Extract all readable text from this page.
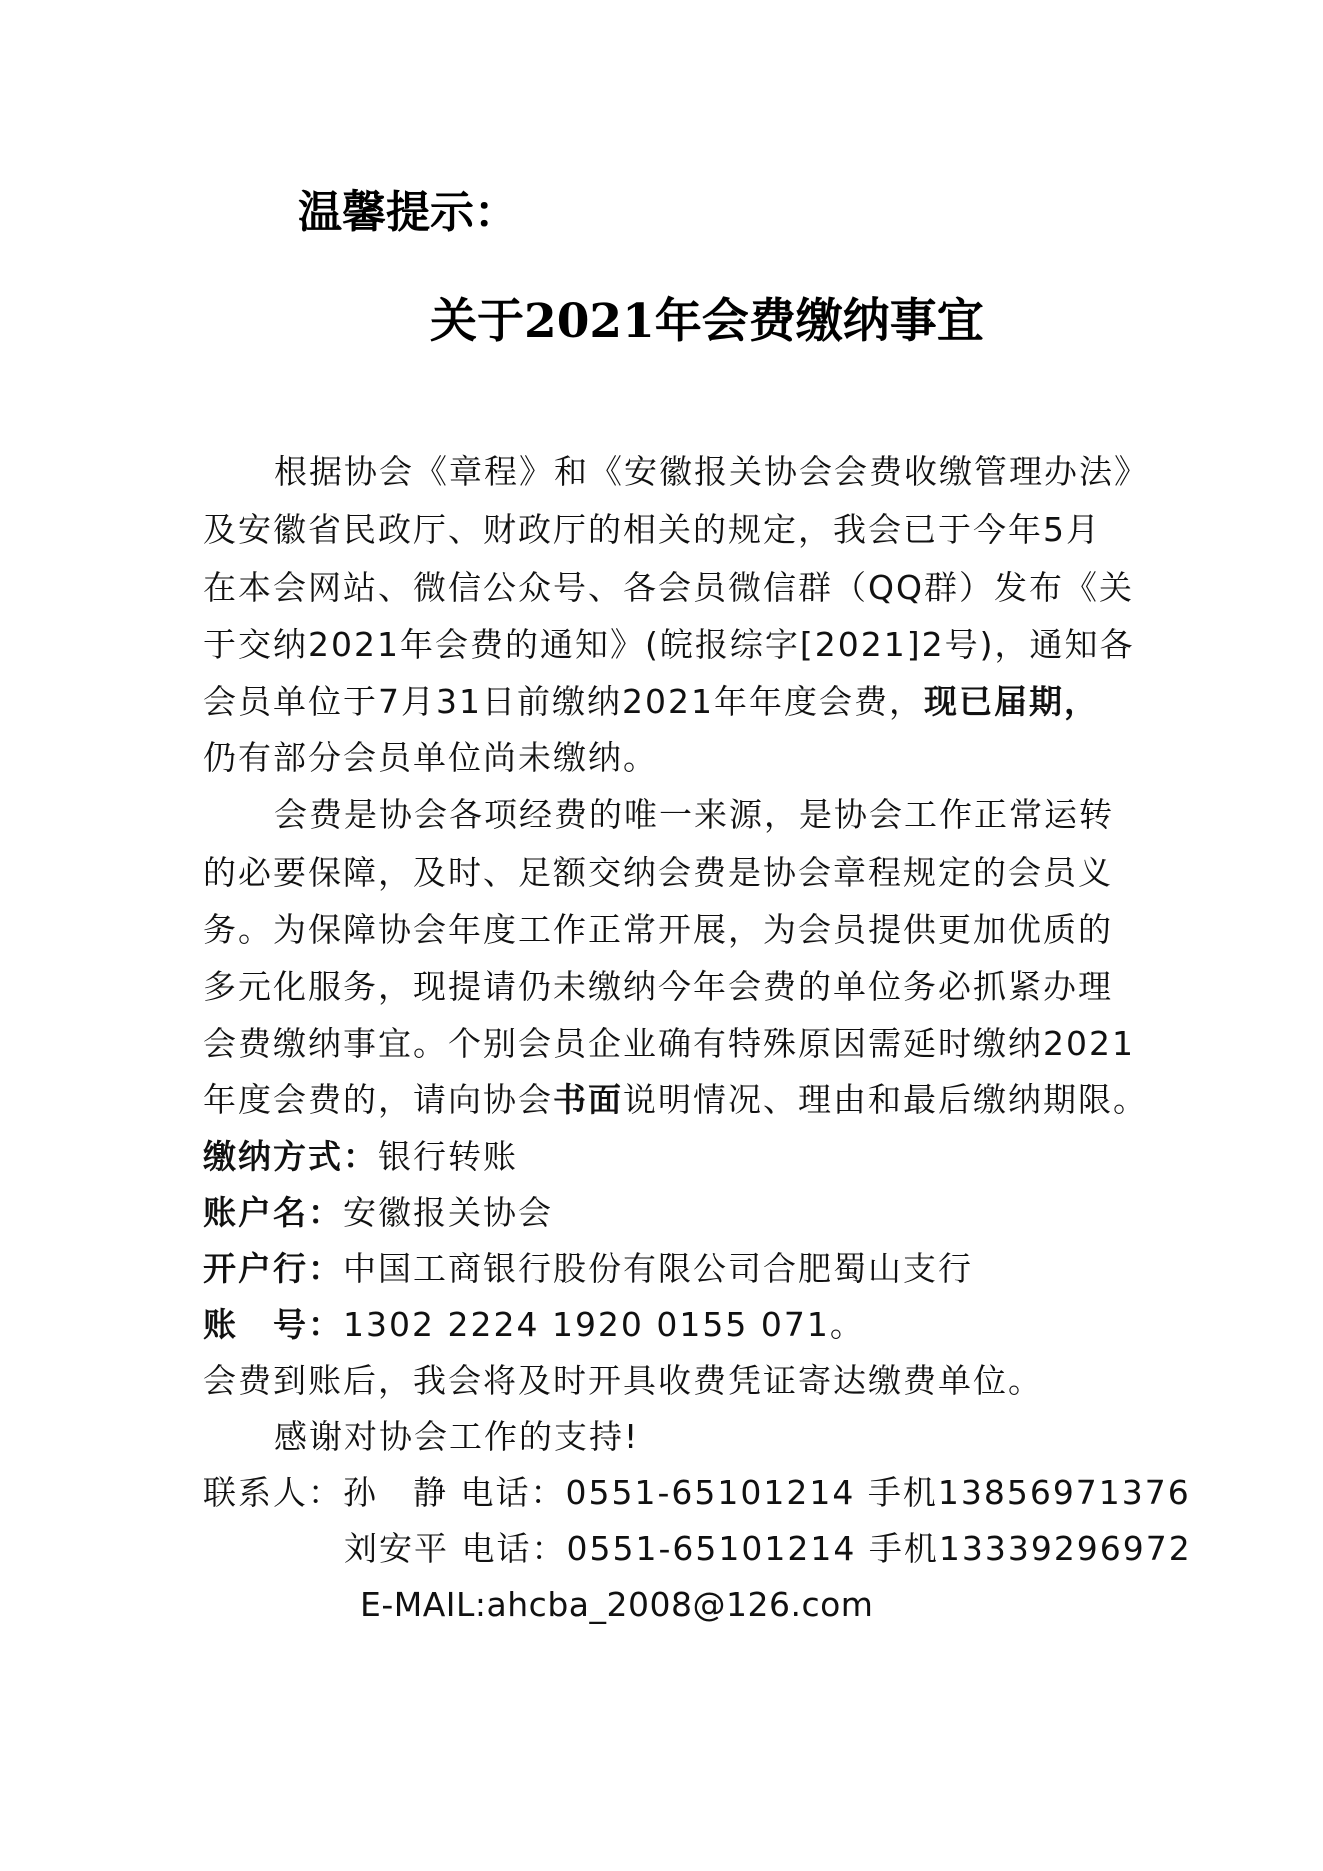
温馨提示：
关于2021年会费缴纳事宜

根据协会《章程》和《安徽报关协会会费收缴管理办法》

及安徽省民政厅、财政厅的相关的规定，我会已于今年5月

在本会网站、微信公众号、各会员微信群（QQ群）发布《关

于交纳2021年会费的通知》(皖报综字[2021]2号)，通知各

会员单位于7月31日前缴纳2021年年度会费，现已届期，

仍有部分会员单位尚未缴纳。

会费是协会各项经费的唯一来源，是协会工作正常运转

的必要保障，及时、足额交纳会费是协会章程规定的会员义

务。为保障协会年度工作正常开展，为会员提供更加优质的

多元化服务，现提请仍未缴纳今年会费的单位务必抓紧办理

会费缴纳事宜。个别会员企业确有特殊原因需延时缴纳2021

年度会费的，请向协会书面说明情况、理由和最后缴纳期限。

缴纳方式：银行转账

账户名：安徽报关协会

开户行：中国工商银行股份有限公司合肥蜀山支行

账　号：1302 2224 1920 0155 071。

会费到账后，我会将及时开具收费凭证寄达缴费单位。

感谢对协会工作的支持!

联系人：孙　静 电话：0551-65101214 手机13856971376

刘安平 电话：0551-65101214 手机13339296972

E-MAIL:ahcba_2008@126.com
